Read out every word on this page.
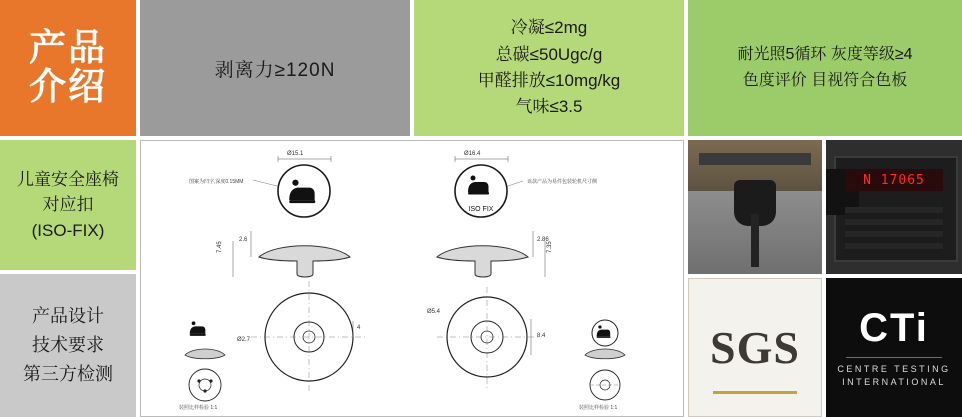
产品
介绍	剥离力≥120N
冷凝≤2mg
总碳≤50Ugc/g
甲醛排放≤10mg/kg
气味≤3.5
耐光照5循环 灰度等级≥4
色度评价 目视符合色板
儿童安全座椅
对应扣
(ISO-FIX)
产品设计
技术要求
第三方检测
图案为凹字,深度0.15MM
Ø15.1
2.6
7.45
Ø2.7
4
装照比样检验 1:1
该款产品为易件包装轮机尺寸侧
ISO FIX
Ø16.4
2.86
7.35
Ø5.4
8.4
装照比样检验 1:1
N 17065
SGS CTi
CENTRE TESTING
INTERNATIONAL
